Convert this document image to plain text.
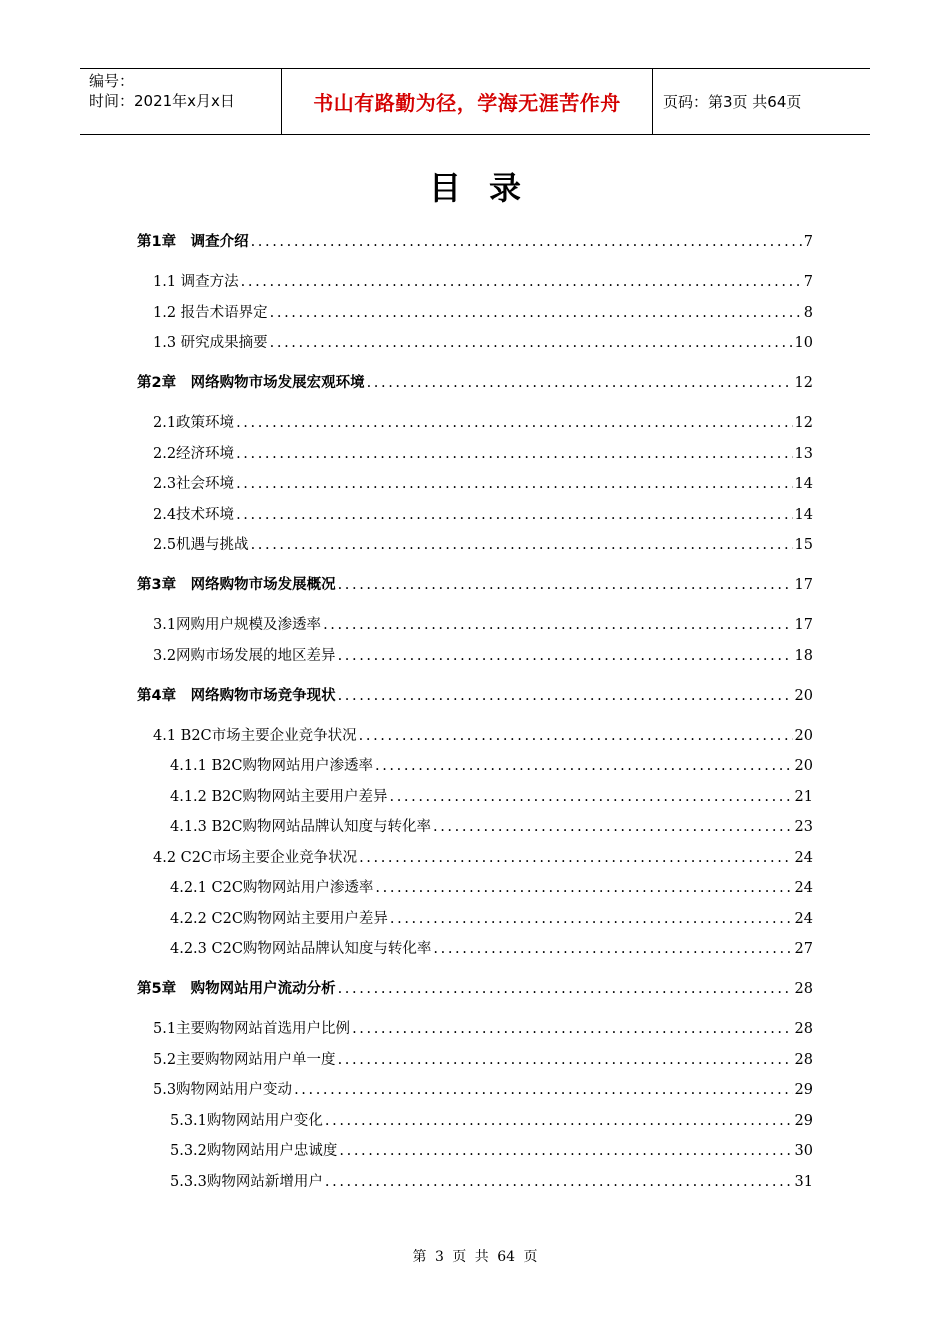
编号：
时间：2021年x月x日	书山有路勤为径，学海无涯苦作舟	页码：第3页 共64页
目录
第1章　调查介绍 .....	7
1.1 调查方法 .....	7
1.2 报告术语界定 .....	8
1.3 研究成果摘要 .....	10
第2章　网络购物市场发展宏观环境 .....	12
2.1政策环境 .....	12
2.2经济环境 .....	13
2.3社会环境 .....	14
2.4技术环境 .....	14
2.5机遇与挑战 .....	15
第3章　网络购物市场发展概况 .....	17
3.1网购用户规模及渗透率 .....	17
3.2网购市场发展的地区差异 .....	18
第4章　网络购物市场竞争现状 .....	20
4.1 B2C市场主要企业竞争状况 .....	20
4.1.1 B2C购物网站用户渗透率 .....	20
4.1.2 B2C购物网站主要用户差异 .....	21
4.1.3 B2C购物网站品牌认知度与转化率 .....	23
4.2 C2C市场主要企业竞争状况 .....	24
4.2.1 C2C购物网站用户渗透率 .....	24
4.2.2 C2C购物网站主要用户差异 .....	24
4.2.3 C2C购物网站品牌认知度与转化率 .....	27
第5章　购物网站用户流动分析 .....	28
5.1主要购物网站首选用户比例 .....	28
5.2主要购物网站用户单一度 .....	28
5.3购物网站用户变动 .....	29
5.3.1购物网站用户变化 .....	29
5.3.2购物网站用户忠诚度 .....	30
5.3.3购物网站新增用户 .....	31
第 3 页 共 64 页
